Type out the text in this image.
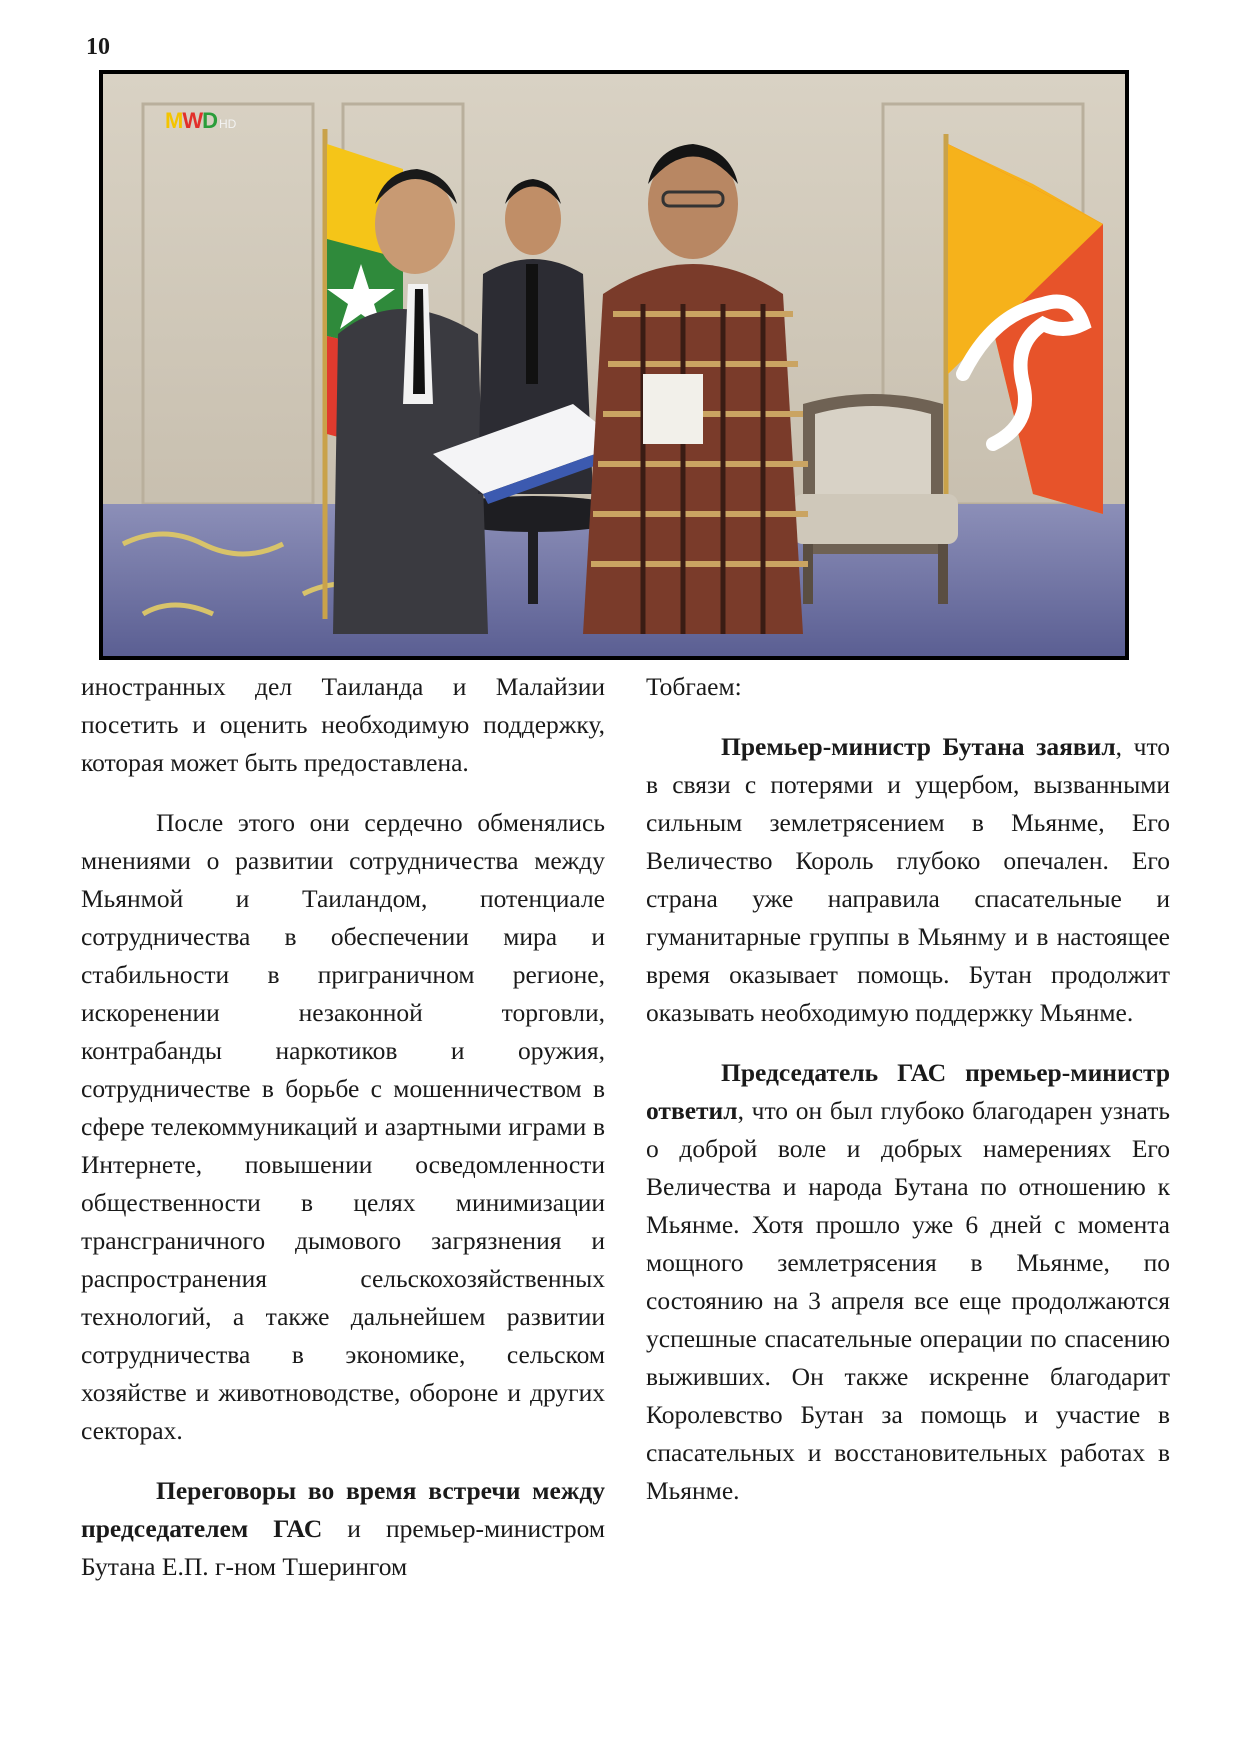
10
MWD HD

иностранных дел Таиланда и Малайзии посетить и оценить необходимую поддержку, которая может быть предоставлена.

После этого они сердечно обменялись мнениями о развитии сотрудничества между Мьянмой и Таиландом, потенциале сотрудничества в обеспечении мира и стабильности в приграничном регионе, искоренении незаконной торговли, контрабанды наркотиков и оружия, сотрудничестве в борьбе с мошенничеством в сфере телекоммуникаций и азартными играми в Интернете, повышении осведомленности общественности в целях минимизации трансграничного дымового загрязнения и распространения сельскохозяйственных технологий, а также дальнейшем развитии сотрудничества в экономике, сельском хозяйстве и животноводстве, обороне и других секторах.

Переговоры во время встречи между председателем ГАС и премьер-министром Бутана Е.П. г-ном Тшерингом

Тобгаем:

Премьер-министр Бутана заявил, что в связи с потерями и ущербом, вызванными сильным землетрясением в Мьянме, Его Величество Король глубоко опечален. Его страна уже направила спасательные и гуманитарные группы в Мьянму и в настоящее время оказывает помощь. Бутан продолжит оказывать необходимую поддержку Мьянме.

Председатель ГАС премьер-министр ответил, что он был глубоко благодарен узнать о доброй воле и добрых намерениях Его Величества и народа Бутана по отношению к Мьянме. Хотя прошло уже 6 дней с момента мощного землетрясения в Мьянме, по состоянию на 3 апреля все еще продолжаются успешные спасательные операции по спасению выживших. Он также искренне благодарит Королевство Бутан за помощь и участие в спасательных и восстановительных работах в Мьянме.
